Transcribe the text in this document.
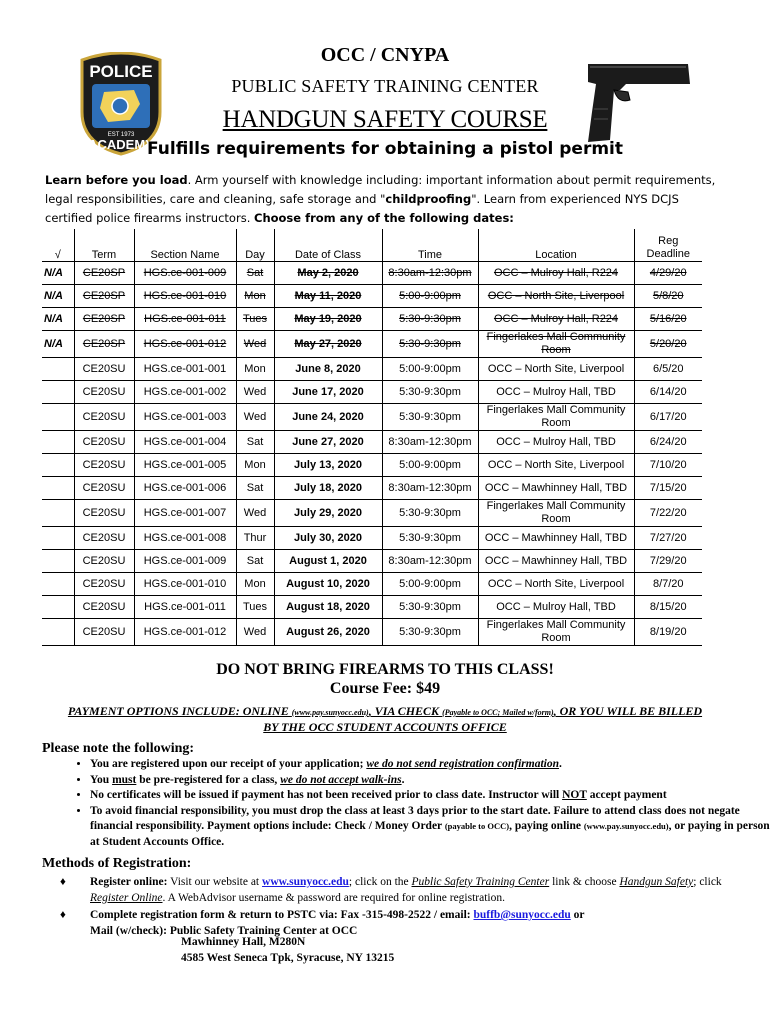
POLICE
EST 1973
ACADEMY
OCC / CNYPA
PUBLIC SAFETY TRAINING CENTER
HANDGUN SAFETY COURSE
Fulfills requirements for obtaining a pistol permit
Learn before you load. Arm yourself with knowledge including: important information about permit requirements, legal responsibilities, care and cleaning, safe storage and "childproofing". Learn from experienced NYS DCJS certified police firearms instructors. Choose from any of the following dates:
√	Term	Section Name	Day	Date of Class	Time	Location	Reg Deadline
N/A	CE20SP	HGS.ce-001-009	Sat	May 2, 2020	8:30am-12:30pm	OCC – Mulroy Hall, R224	4/29/20
N/A	CE20SP	HGS.ce-001-010	Mon	May 11, 2020	5:00-9:00pm	OCC – North Site, Liverpool	5/8/20
N/A	CE20SP	HGS.ce-001-011	Tues	May 19, 2020	5:30-9:30pm	OCC – Mulroy Hall, R224	5/16/20
N/A	CE20SP	HGS.ce-001-012	Wed	May 27, 2020	5:30-9:30pm	Fingerlakes Mall Community Room	5/20/20
	CE20SU	HGS.ce-001-001	Mon	June 8, 2020	5:00-9:00pm	OCC – North Site, Liverpool	6/5/20
	CE20SU	HGS.ce-001-002	Wed	June 17, 2020	5:30-9:30pm	OCC – Mulroy Hall, TBD	6/14/20
	CE20SU	HGS.ce-001-003	Wed	June 24, 2020	5:30-9:30pm	Fingerlakes Mall Community Room	6/17/20
	CE20SU	HGS.ce-001-004	Sat	June 27, 2020	8:30am-12:30pm	OCC – Mulroy Hall, TBD	6/24/20
	CE20SU	HGS.ce-001-005	Mon	July 13, 2020	5:00-9:00pm	OCC – North Site, Liverpool	7/10/20
	CE20SU	HGS.ce-001-006	Sat	July 18, 2020	8:30am-12:30pm	OCC – Mawhinney Hall, TBD	7/15/20
	CE20SU	HGS.ce-001-007	Wed	July 29, 2020	5:30-9:30pm	Fingerlakes Mall Community Room	7/22/20
	CE20SU	HGS.ce-001-008	Thur	July 30, 2020	5:30-9:30pm	OCC – Mawhinney Hall, TBD	7/27/20
	CE20SU	HGS.ce-001-009	Sat	August 1, 2020	8:30am-12:30pm	OCC – Mawhinney Hall, TBD	7/29/20
	CE20SU	HGS.ce-001-010	Mon	August 10, 2020	5:00-9:00pm	OCC – North Site, Liverpool	8/7/20
	CE20SU	HGS.ce-001-011	Tues	August 18, 2020	5:30-9:30pm	OCC – Mulroy Hall, TBD	8/15/20
	CE20SU	HGS.ce-001-012	Wed	August 26, 2020	5:30-9:30pm	Fingerlakes Mall Community Room	8/19/20
DO NOT BRING FIREARMS TO THIS CLASS!
Course Fee: $49
PAYMENT OPTIONS INCLUDE: ONLINE (www.pay.sunyocc.edu), VIA CHECK (Payable to OCC; Mailed w/form), OR YOU WILL BE BILLED BY THE OCC STUDENT ACCOUNTS OFFICE
Please note the following:
• You are registered upon our receipt of your application; we do not send registration confirmation.
• You must be pre-registered for a class, we do not accept walk-ins.
• No certificates will be issued if payment has not been received prior to class date. Instructor will NOT accept payment
• To avoid financial responsibility, you must drop the class at least 3 days prior to the start date. Failure to attend class does not negate financial responsibility. Payment options include: Check / Money Order (payable to OCC), paying online (www.pay.sunyocc.edu), or paying in person at Student Accounts Office.
Methods of Registration:
♦ Register online: Visit our website at www.sunyocc.edu; click on the Public Safety Training Center link & choose Handgun Safety; click Register Online. A WebAdvisor username & password are required for online registration.
♦ Complete registration form & return to PSTC via: Fax -315-498-2522 / email: buffb@sunyocc.edu or
Mail (w/check): Public Safety Training Center at OCC
Mawhinney Hall, M280N
4585 West Seneca Tpk, Syracuse, NY 13215
